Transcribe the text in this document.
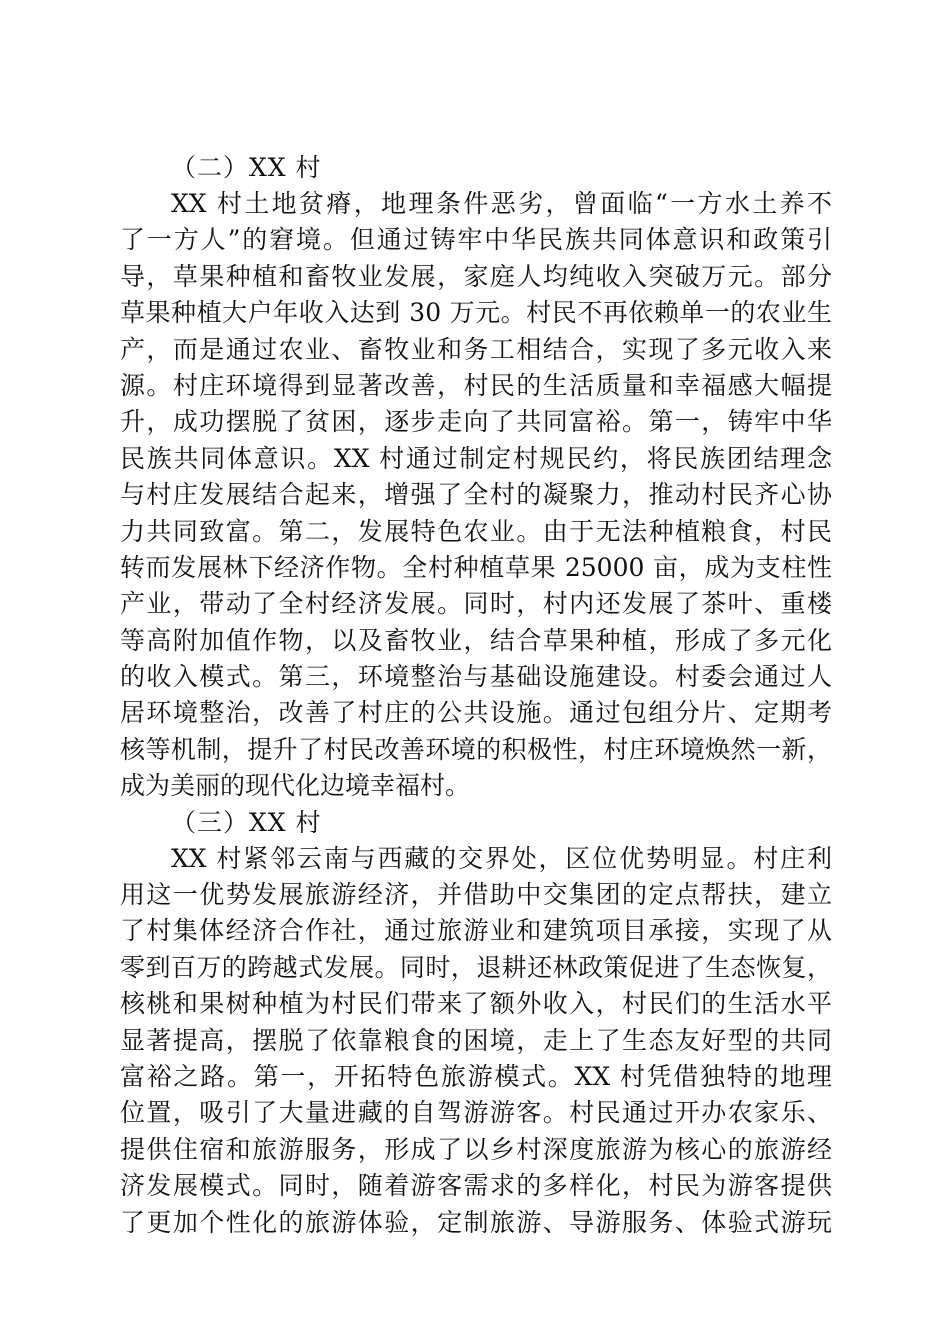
（二）XX 村

XX 村土地贫瘠，地理条件恶劣，曾面临“一方水土养不
了一方人”的窘境。但通过铸牢中华民族共同体意识和政策引
导，草果种植和畜牧业发展，家庭人均纯收入突破万元。部分
草果种植大户年收入达到 30 万元。村民不再依赖单一的农业生
产，而是通过农业、畜牧业和务工相结合，实现了多元收入来
源。村庄环境得到显著改善，村民的生活质量和幸福感大幅提
升，成功摆脱了贫困，逐步走向了共同富裕。第一，铸牢中华
民族共同体意识。XX 村通过制定村规民约，将民族团结理念
与村庄发展结合起来，增强了全村的凝聚力，推动村民齐心协
力共同致富。第二，发展特色农业。由于无法种植粮食，村民
转而发展林下经济作物。全村种植草果 25000 亩，成为支柱性
产业，带动了全村经济发展。同时，村内还发展了茶叶、重楼
等高附加值作物，以及畜牧业，结合草果种植，形成了多元化
的收入模式。第三，环境整治与基础设施建设。村委会通过人
居环境整治，改善了村庄的公共设施。通过包组分片、定期考
核等机制，提升了村民改善环境的积极性，村庄环境焕然一新，
成为美丽的现代化边境幸福村。

（三）XX 村

XX 村紧邻云南与西藏的交界处，区位优势明显。村庄利
用这一优势发展旅游经济，并借助中交集团的定点帮扶，建立
了村集体经济合作社，通过旅游业和建筑项目承接，实现了从
零到百万的跨越式发展。同时，退耕还林政策促进了生态恢复，
核桃和果树种植为村民们带来了额外收入，村民们的生活水平
显著提高，摆脱了依靠粮食的困境，走上了生态友好型的共同
富裕之路。第一，开拓特色旅游模式。XX 村凭借独特的地理
位置，吸引了大量进藏的自驾游游客。村民通过开办农家乐、
提供住宿和旅游服务，形成了以乡村深度旅游为核心的旅游经
济发展模式。同时，随着游客需求的多样化，村民为游客提供
了更加个性化的旅游体验，定制旅游、导游服务、体验式游玩
